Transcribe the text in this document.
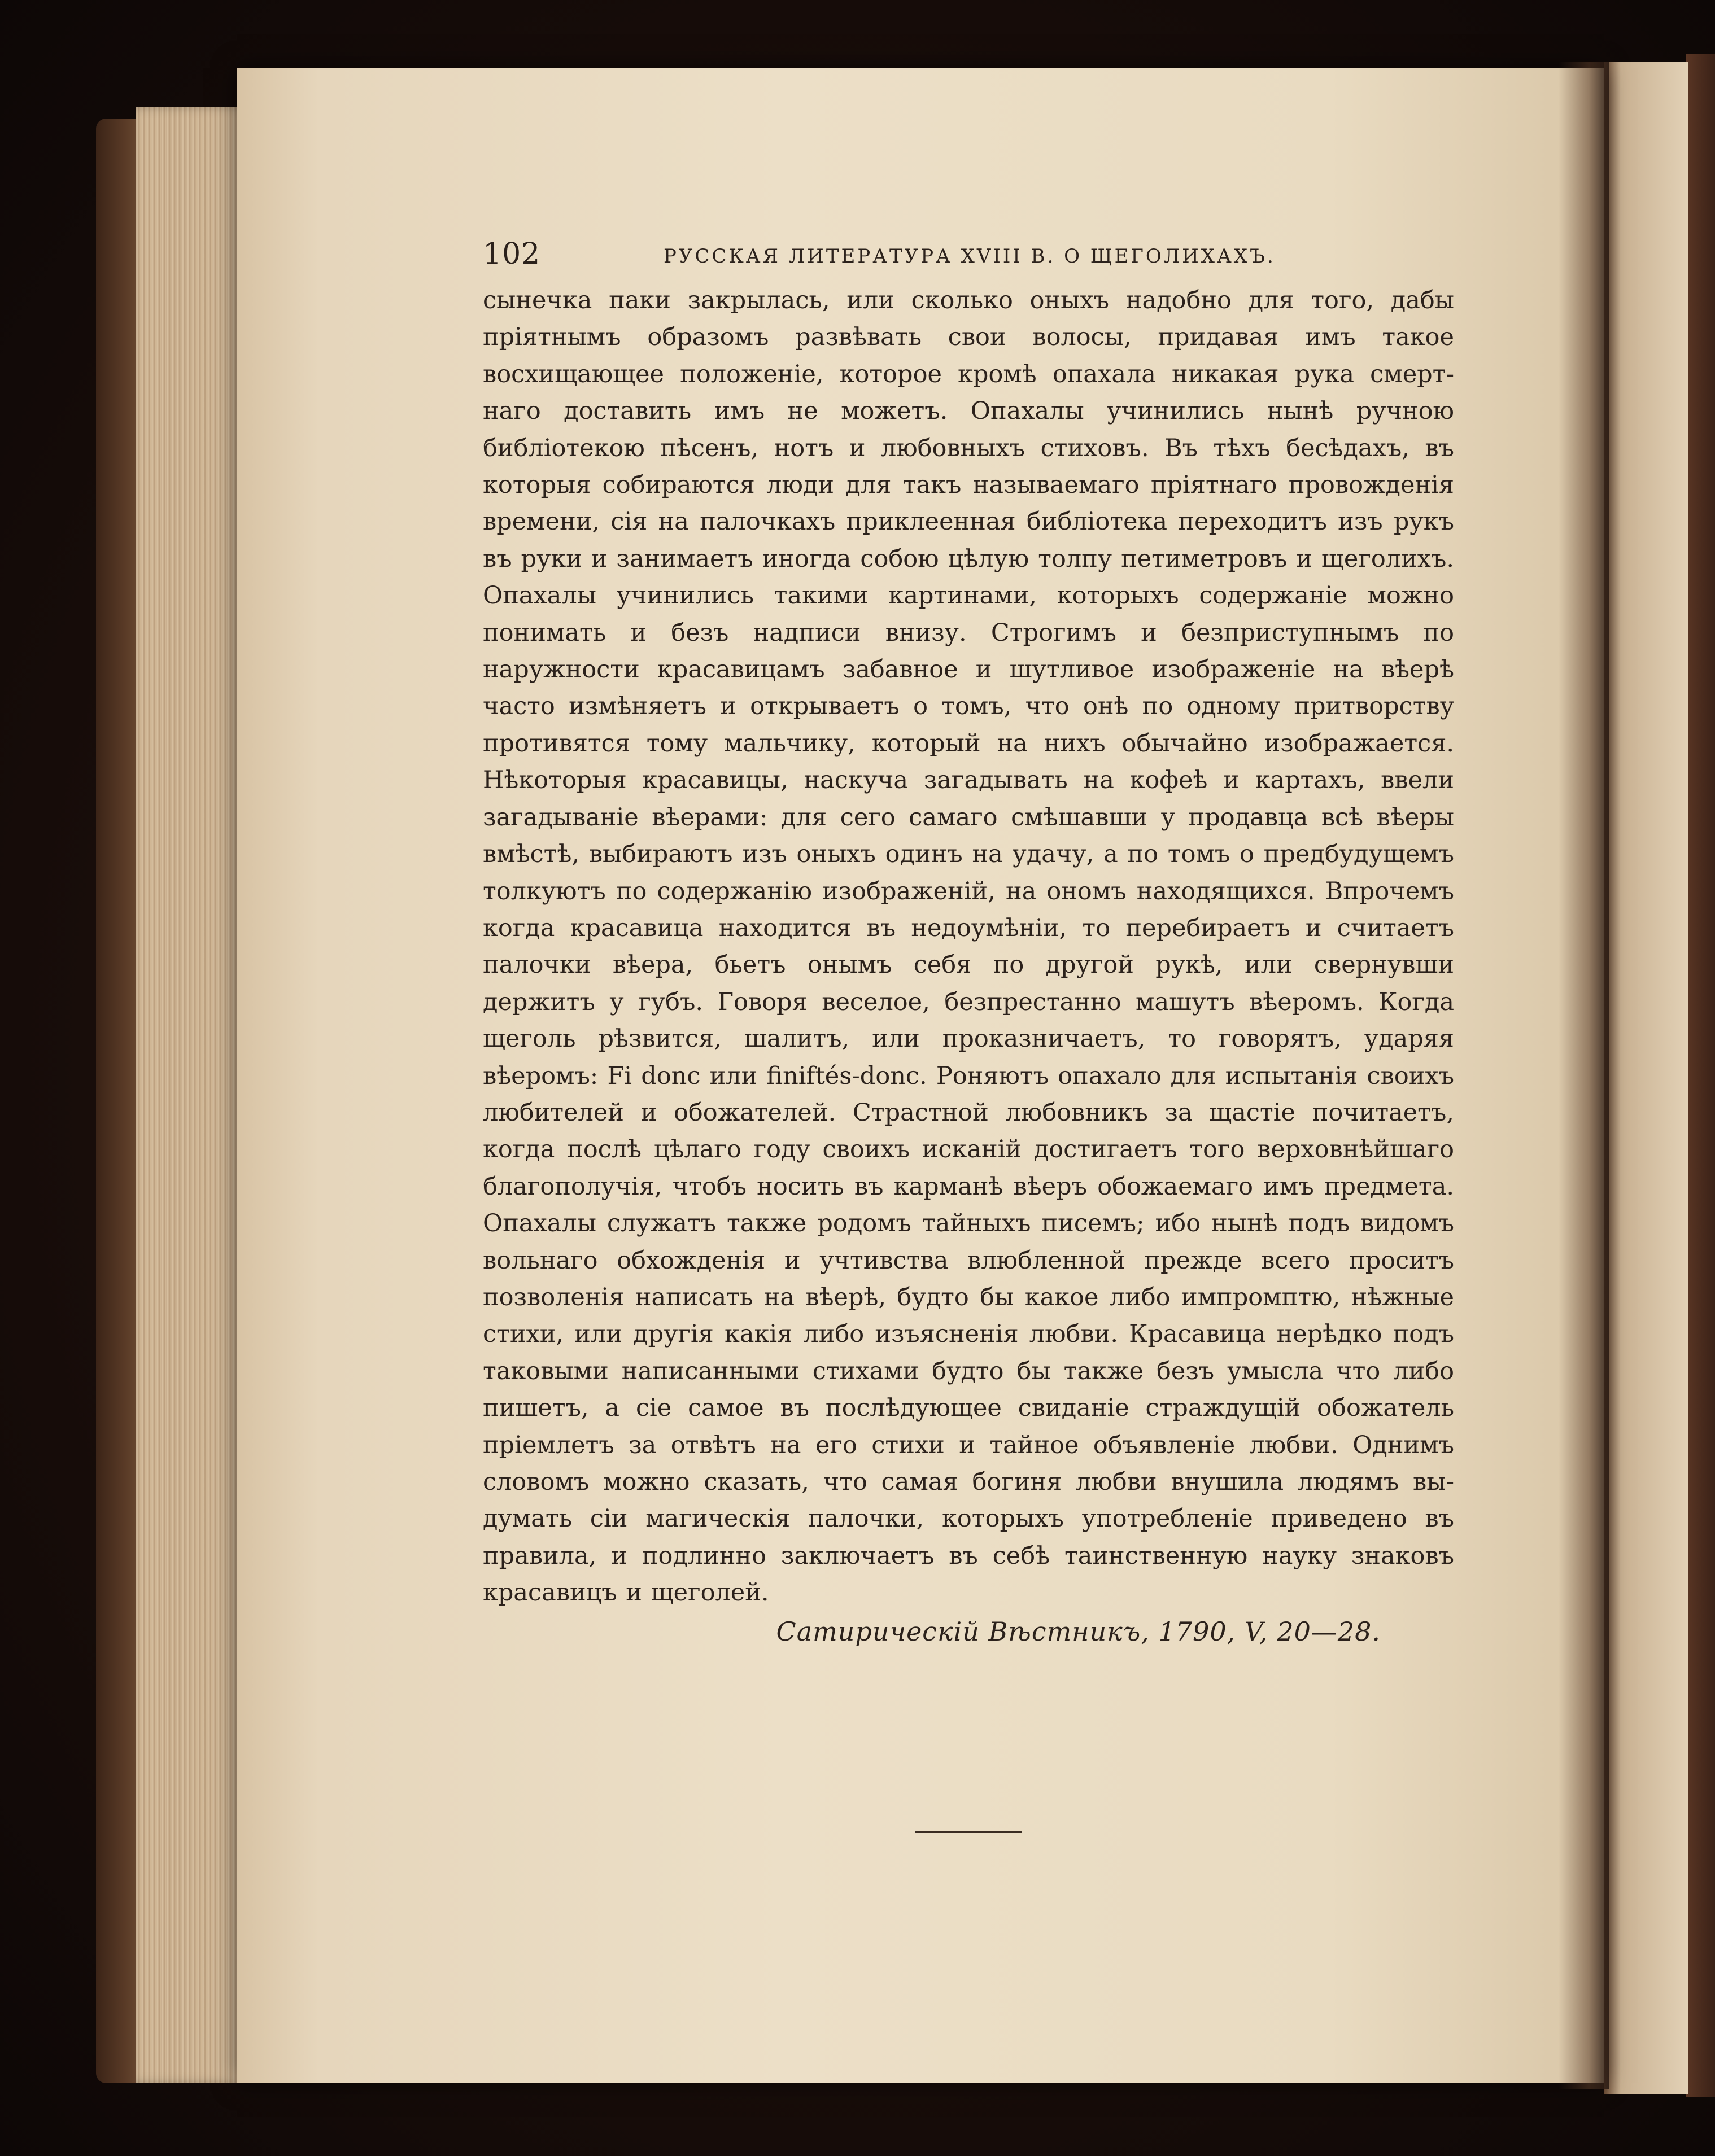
102	РУССКАЯ ЛИТЕРАТУРА XVIII В. О ЩЕГОЛИХАХЪ.

сынечка паки закрылась, или сколько оныхъ надобно для того, дабы пріятнымъ образомъ развѣвать свои волосы, придавая имъ такое восхищающее положеніе, которое кромѣ опахала никакая рука смертнаго доставить имъ не можетъ. Опахалы учинились нынѣ ручною библіотекою пѣсенъ, нотъ и любовныхъ стиховъ. Въ тѣхъ бесѣдахъ, въ которыя собираются люди для такъ называемаго пріятнаго провожденія времени, сія на палочкахъ приклеенная библіотека переходитъ изъ рукъ въ руки и занимаетъ иногда собою цѣлую толпу петиметровъ и щеголихъ. Опахалы учинились такими картинами, которыхъ содержаніе можно понимать и безъ надписи внизу. Строгимъ и безприступнымъ по наружности красавицамъ забавное и шутливое изображеніе на вѣерѣ часто измѣняетъ и открываетъ о томъ, что онѣ по одному притворству противятся тому мальчику, который на нихъ обычайно изображается. Нѣкоторыя красавицы, наскуча загадывать на кофеѣ и картахъ, ввели загадываніе вѣерами: для сего самаго смѣшавши у продавца всѣ вѣеры вмѣстѣ, выбираютъ изъ оныхъ одинъ на удачу, а по томъ о предбудущемъ толкуютъ по содержанію изображеній, на ономъ находящихся. Впрочемъ когда красавица находится въ недоумѣніи, то перебираетъ и считаетъ палочки вѣера, бьетъ онымъ себя по другой рукѣ, или свернувши держитъ у губъ. Говоря веселое, безпрестанно машутъ вѣеромъ. Когда щеголь рѣзвится, шалитъ, или проказничаетъ, то говорятъ, ударяя вѣеромъ: Fi donc или finiftés-donc. Роняютъ опахало для испытанія своихъ любителей и обожателей. Страстной любовникъ за щастіе почитаетъ, когда послѣ цѣлаго году своихъ исканій достигаетъ того верховнѣйшаго благополучія, чтобъ носить въ карманѣ вѣеръ обожаемаго имъ предмета. Опахалы служатъ также родомъ тайныхъ писемъ; ибо нынѣ подъ видомъ вольнаго обхожденія и учтивства влюбленной прежде всего проситъ позволенія написать на вѣерѣ, будто бы какое либо импромптю, нѣжные стихи, или другія какія либо изъясненія любви. Красавица нерѣдко подъ таковыми написанными стихами будто бы также безъ умысла что либо пишетъ, а сіе самое въ послѣдующее свиданіе страждущій обожатель пріемлетъ за отвѣтъ на его стихи и тайное объявленіе любви. Однимъ словомъ можно сказать, что самая богиня любви внушила людямъ выдумать сіи магическія палочки, которыхъ употребленіе приведено въ правила, и подлинно заключаетъ въ себѣ таинственную науку знаковъ красавицъ и щеголей.

Сатирическій Вѣстникъ, 1790, V, 20—28.
